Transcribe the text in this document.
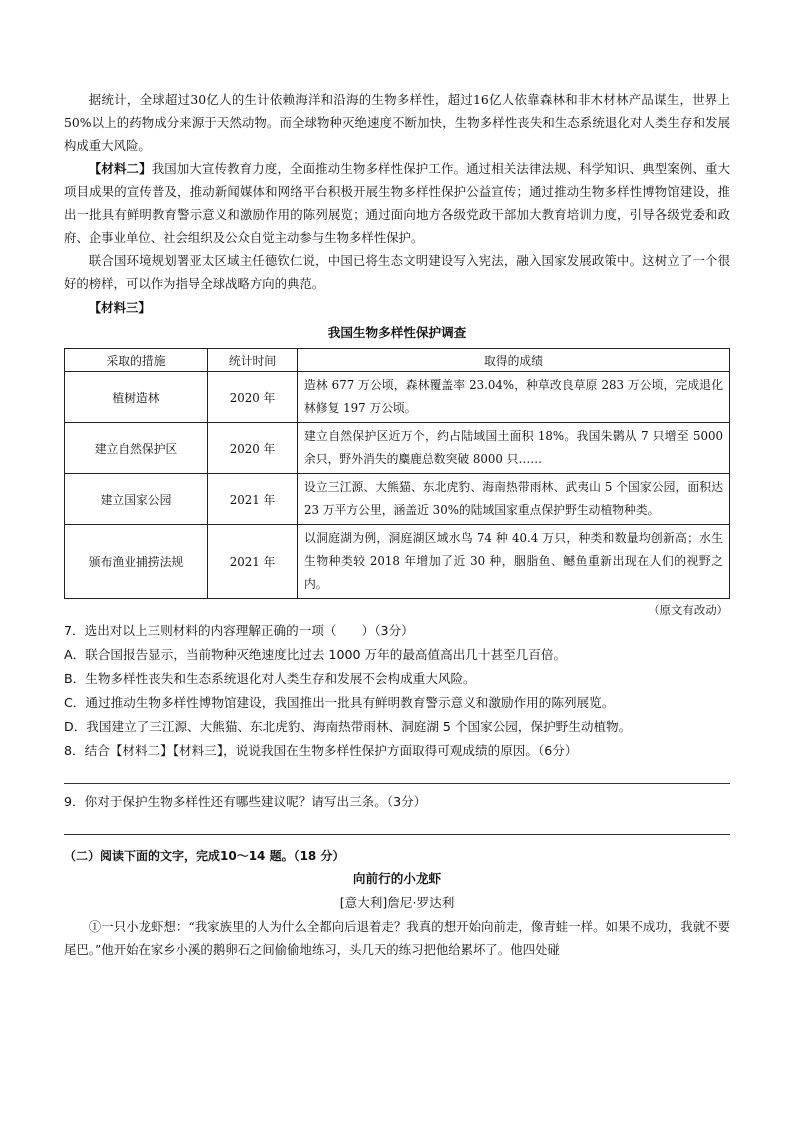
据统计，全球超过30亿人的生计依赖海洋和沿海的生物多样性，超过16亿人依靠森林和非木材林产品谋生，世界上50%以上的药物成分来源于天然动物。而全球物种灭绝速度不断加快，生物多样性丧失和生态系统退化对人类生存和发展构成重大风险。

【材料二】我国加大宣传教育力度，全面推动生物多样性保护工作。通过相关法律法规、科学知识、典型案例、重大项目成果的宣传普及，推动新闻媒体和网络平台积极开展生物多样性保护公益宣传；通过推动生物多样性博物馆建设，推出一批具有鲜明教育警示意义和激励作用的陈列展览；通过面向地方各级党政干部加大教育培训力度，引导各级党委和政府、企事业单位、社会组织及公众自觉主动参与生物多样性保护。

联合国环境规划署亚太区域主任德钦仁说，中国已将生态文明建设写入宪法，融入国家发展政策中。这树立了一个很好的榜样，可以作为指导全球战略方向的典范。

【材料三】

我国生物多样性保护调查

采取的措施	统计时间	取得的成绩
植树造林	2020 年	造林 677 万公顷，森林覆盖率 23.04%，种草改良草原 283 万公顷，完成退化林修复 197 万公顷。
建立自然保护区	2020 年	建立自然保护区近万个，约占陆域国土面积 18%。我国朱鹮从 7 只增至 5000 余只，野外消失的麋鹿总数突破 8000 只……
建立国家公园	2021 年	设立三江源、大熊猫、东北虎豹、海南热带雨林、武夷山 5 个国家公园，面积达 23 万平方公里，涵盖近 30%的陆域国家重点保护野生动植物种类。
颁布渔业捕捞法规	2021 年	以洞庭湖为例，洞庭湖区域水鸟 74 种 40.4 万只，种类和数量均创新高；水生生物种类较 2018 年增加了近 30 种，胭脂鱼、鳡鱼重新出现在人们的视野之内。

（原文有改动）

7．选出对以上三则材料的内容理解正确的一项（　　）（3分）

A．联合国报告显示，当前物种灭绝速度比过去 1000 万年的最高值高出几十甚至几百倍。

B．生物多样性丧失和生态系统退化对人类生存和发展不会构成重大风险。

C．通过推动生物多样性博物馆建设，我国推出一批具有鲜明教育警示意义和激励作用的陈列展览。

D．我国建立了三江源、大熊猫、东北虎豹、海南热带雨林、洞庭湖 5 个国家公园，保护野生动植物。

8．结合【材料二】【材料三】，说说我国在生物多样性保护方面取得可观成绩的原因。（6分）

9．你对于保护生物多样性还有哪些建议呢？请写出三条。（3分）

（二）阅读下面的文字，完成10～14 题。（18 分）

向前行的小龙虾

[意大利]詹尼·罗达利

①一只小龙虾想：“我家族里的人为什么全都向后退着走？我真的想开始向前走，像青蛙一样。如果不成功，我就不要尾巴。”他开始在家乡小溪的鹅卵石之间偷偷地练习，头几天的练习把他给累坏了。他四处碰
